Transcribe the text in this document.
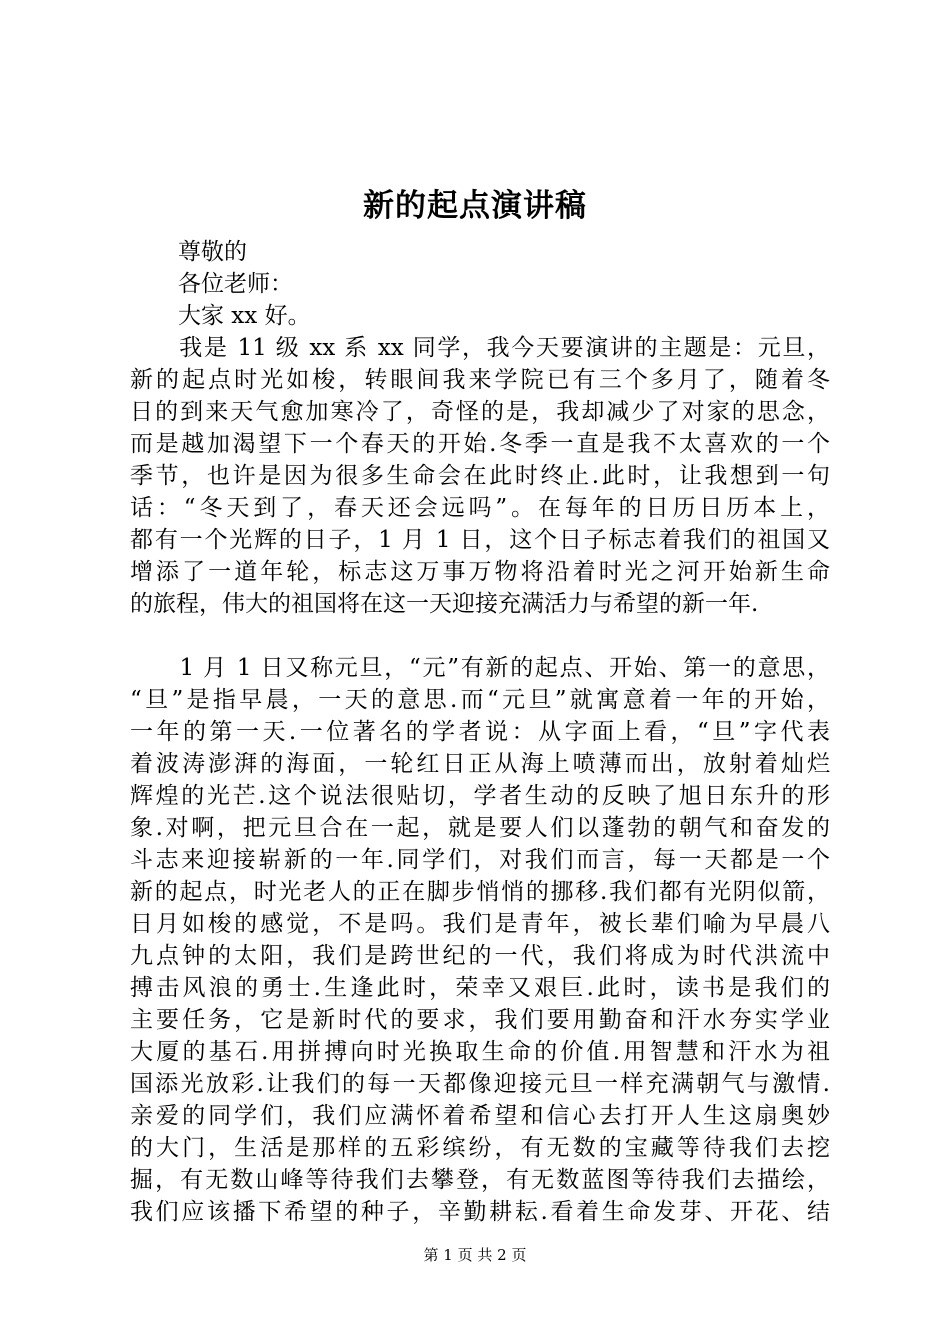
新的起点演讲稿
尊敬的
各位老师：
大家 xx 好。
　　我是 11 级 xx 系 xx 同学，我今天要演讲的主题是：元旦，
新的起点时光如梭，转眼间我来学院已有三个多月了，随着冬
日的到来天气愈加寒冷了，奇怪的是，我却减少了对家的思念，
而是越加渴望下一个春天的开始.冬季一直是我不太喜欢的一个
季节，也许是因为很多生命会在此时终止.此时，让我想到一句
话：“冬天到了，春天还会远吗”。在每年的日历日历本上，
都有一个光辉的日子，1 月 1 日，这个日子标志着我们的祖国又
增添了一道年轮，标志这万事万物将沿着时光之河开始新生命
的旅程，伟大的祖国将在这一天迎接充满活力与希望的新一年.
　　1 月 1 日又称元旦，“元”有新的起点、开始、第一的意思，
“旦”是指早晨，一天的意思.而“元旦”就寓意着一年的开始，
一年的第一天.一位著名的学者说：从字面上看，“旦”字代表
着波涛澎湃的海面，一轮红日正从海上喷薄而出，放射着灿烂
辉煌的光芒.这个说法很贴切，学者生动的反映了旭日东升的形
象.对啊，把元旦合在一起，就是要人们以蓬勃的朝气和奋发的
斗志来迎接崭新的一年.同学们，对我们而言，每一天都是一个
新的起点，时光老人的正在脚步悄悄的挪移.我们都有光阴似箭，
日月如梭的感觉，不是吗。我们是青年，被长辈们喻为早晨八
九点钟的太阳，我们是跨世纪的一代，我们将成为时代洪流中
搏击风浪的勇士.生逢此时，荣幸又艰巨.此时，读书是我们的
主要任务，它是新时代的要求，我们要用勤奋和汗水夯实学业
大厦的基石.用拼搏向时光换取生命的价值.用智慧和汗水为祖
国添光放彩.让我们的每一天都像迎接元旦一样充满朝气与激情.
亲爱的同学们，我们应满怀着希望和信心去打开人生这扇奥妙
的大门，生活是那样的五彩缤纷，有无数的宝藏等待我们去挖
掘，有无数山峰等待我们去攀登，有无数蓝图等待我们去描绘，
我们应该播下希望的种子，辛勤耕耘.看着生命发芽、开花、结
第 1 页 共 2 页
